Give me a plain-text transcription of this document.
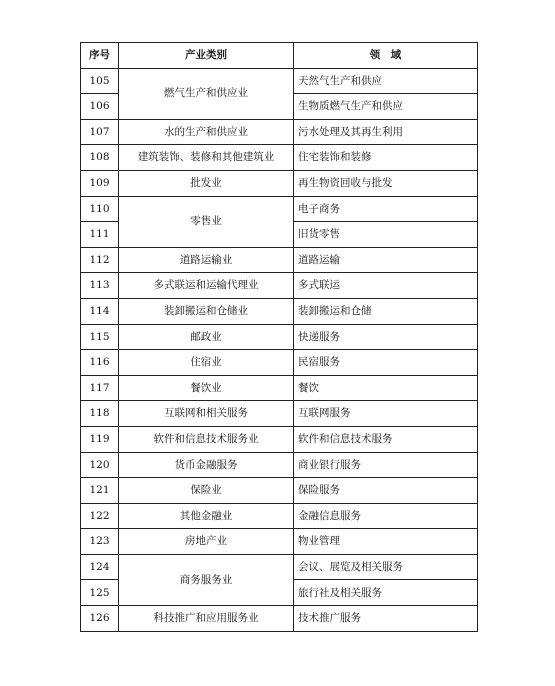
序号	产业类别	领　域
105	燃气生产和供应业	天然气生产和供应
106		生物质燃气生产和供应
107	水的生产和供应业	污水处理及其再生利用
108	建筑装饰、装修和其他建筑业	住宅装饰和装修
109	批发业	再生物资回收与批发
110	零售业	电子商务
111		旧货零售
112	道路运输业	道路运输
113	多式联运和运输代理业	多式联运
114	装卸搬运和仓储业	装卸搬运和仓储
115	邮政业	快递服务
116	住宿业	民宿服务
117	餐饮业	餐饮
118	互联网和相关服务	互联网服务
119	软件和信息技术服务业	软件和信息技术服务
120	货币金融服务	商业银行服务
121	保险业	保险服务
122	其他金融业	金融信息服务
123	房地产业	物业管理
124	商务服务业	会议、展览及相关服务
125		旅行社及相关服务
126	科技推广和应用服务业	技术推广服务
